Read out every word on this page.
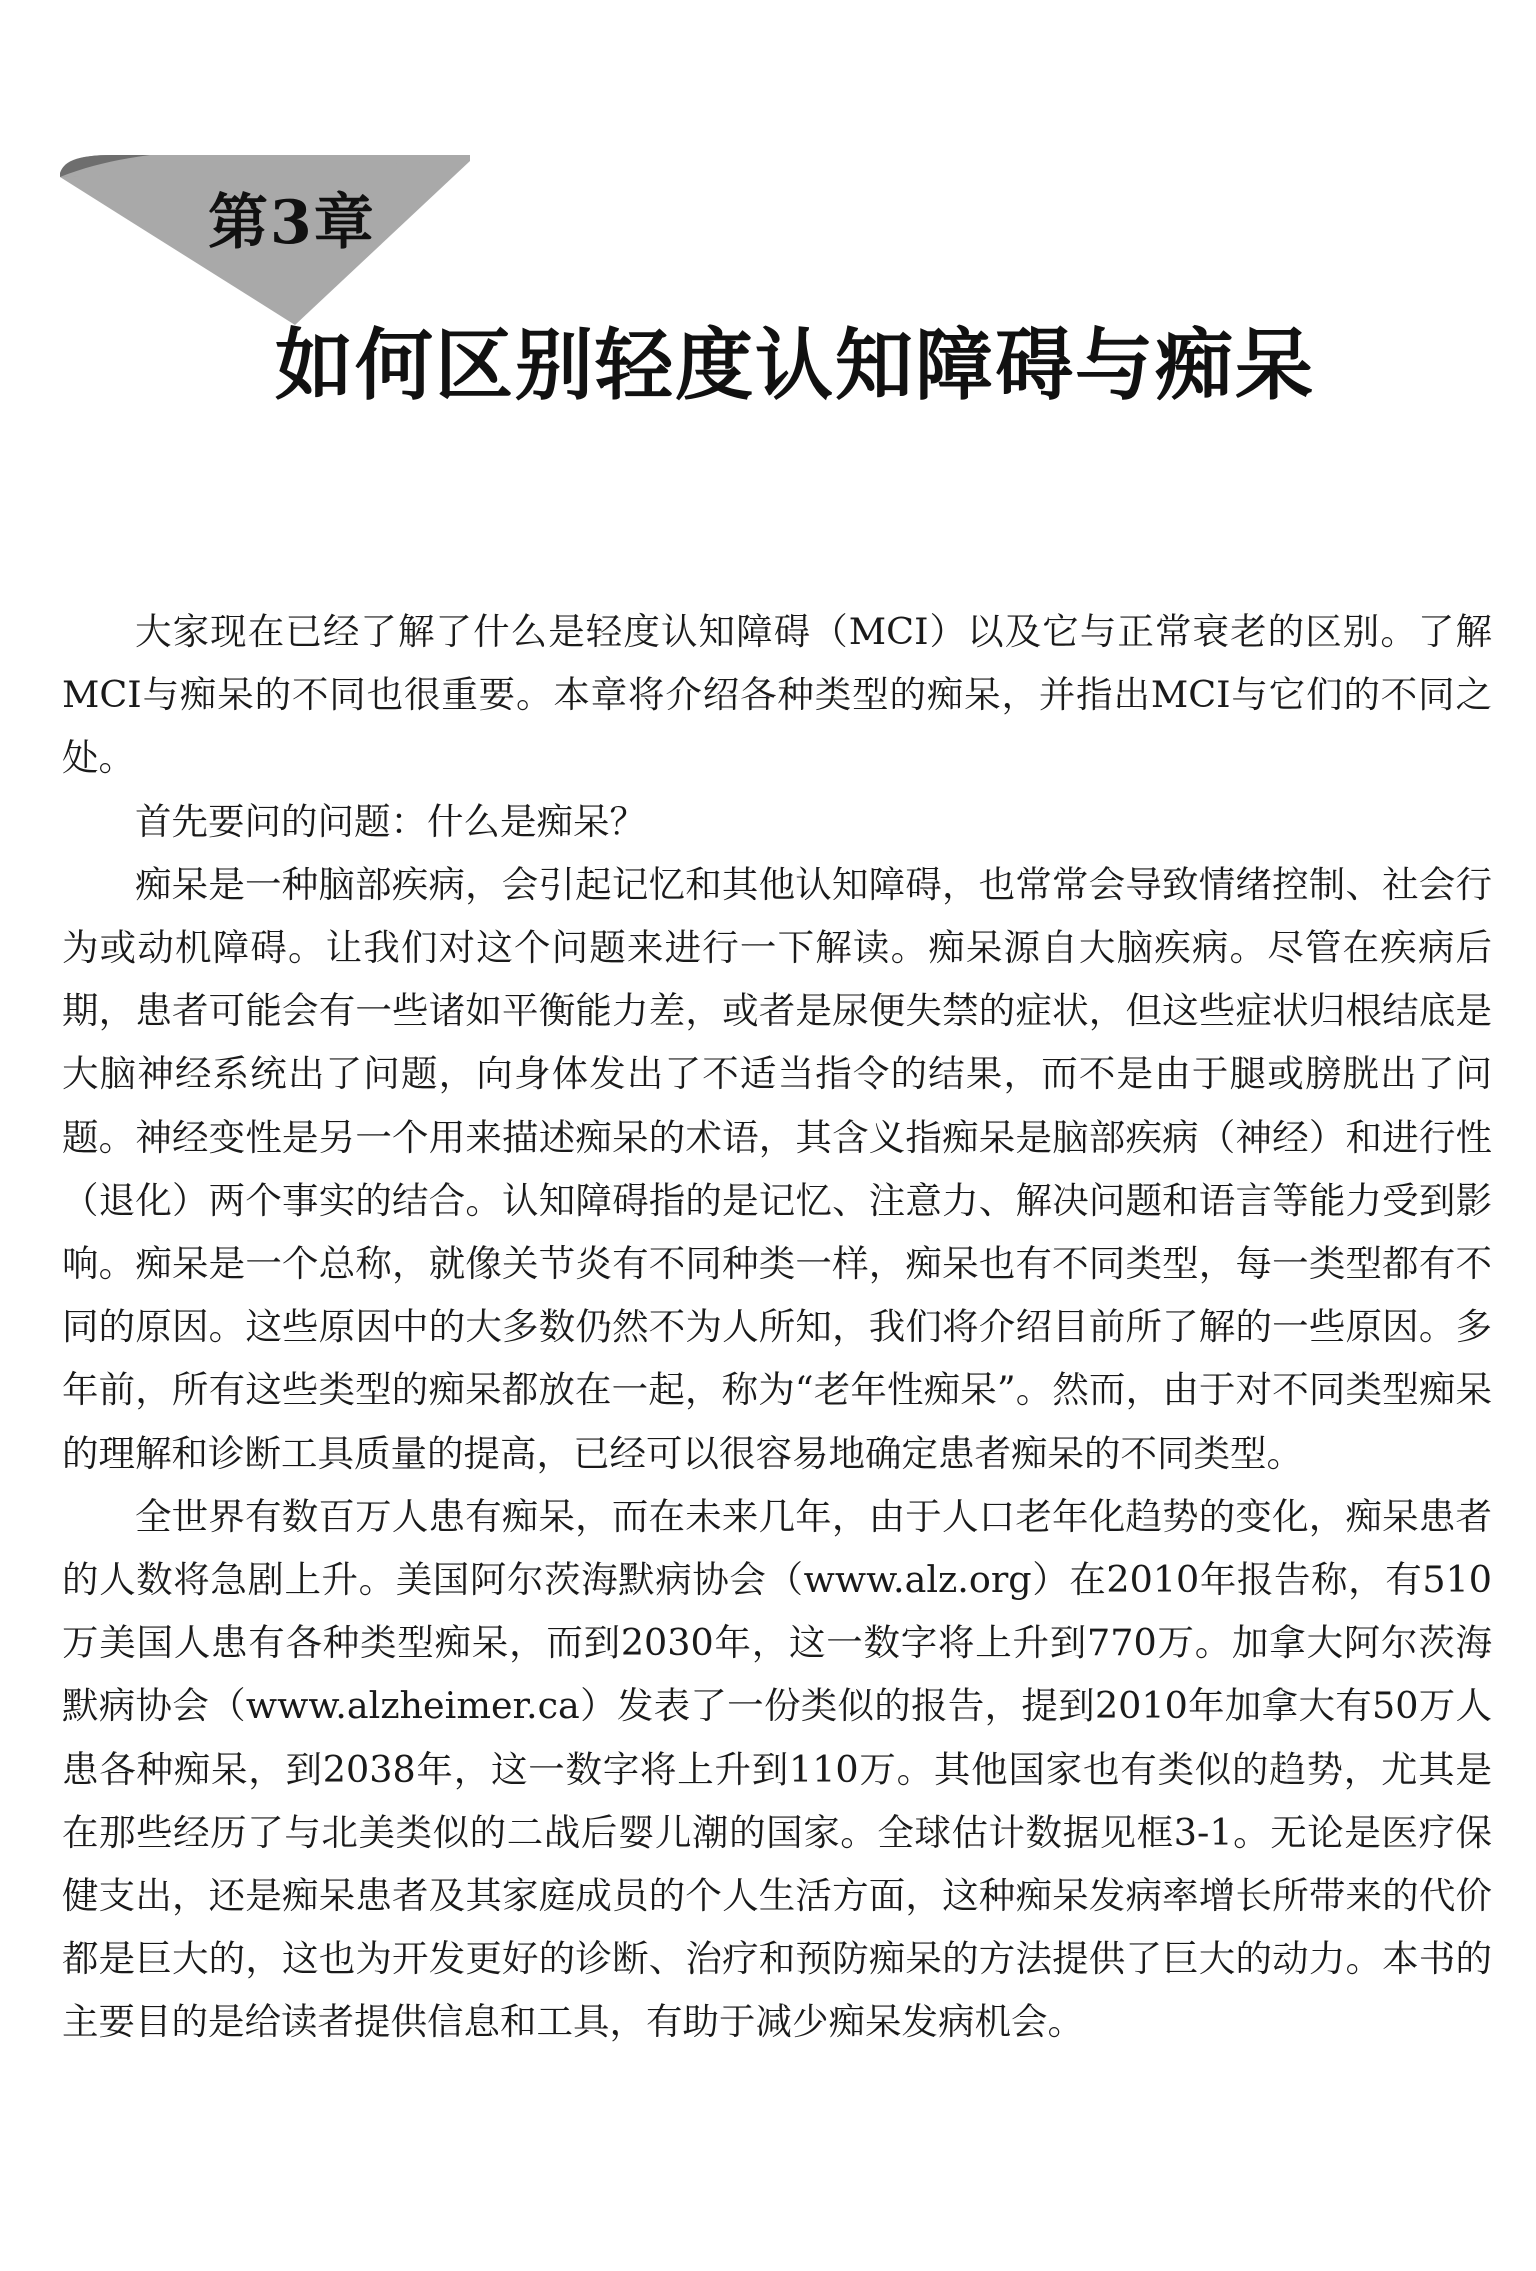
第3章
如何区别轻度认知障碍与痴呆

大家现在已经了解了什么是轻度认知障碍（MCI）以及它与正常衰老的区别。了解MCI与痴呆的不同也很重要。本章将介绍各种类型的痴呆，并指出MCI与它们的不同之处。

首先要问的问题：什么是痴呆？

痴呆是一种脑部疾病，会引起记忆和其他认知障碍，也常常会导致情绪控制、社会行为或动机障碍。让我们对这个问题来进行一下解读。痴呆源自大脑疾病。尽管在疾病后期，患者可能会有一些诸如平衡能力差，或者是尿便失禁的症状，但这些症状归根结底是大脑神经系统出了问题，向身体发出了不适当指令的结果，而不是由于腿或膀胱出了问题。神经变性是另一个用来描述痴呆的术语，其含义指痴呆是脑部疾病（神经）和进行性（退化）两个事实的结合。认知障碍指的是记忆、注意力、解决问题和语言等能力受到影响。痴呆是一个总称，就像关节炎有不同种类一样，痴呆也有不同类型，每一类型都有不同的原因。这些原因中的大多数仍然不为人所知，我们将介绍目前所了解的一些原因。多年前，所有这些类型的痴呆都放在一起，称为“老年性痴呆”。然而，由于对不同类型痴呆的理解和诊断工具质量的提高，已经可以很容易地确定患者痴呆的不同类型。

全世界有数百万人患有痴呆，而在未来几年，由于人口老年化趋势的变化，痴呆患者的人数将急剧上升。美国阿尔茨海默病协会（www.alz.org）在2010年报告称，有510万美国人患有各种类型痴呆，而到2030年，这一数字将上升到770万。加拿大阿尔茨海默病协会（www.alzheimer.ca）发表了一份类似的报告，提到2010年加拿大有50万人患各种痴呆，到2038年，这一数字将上升到110万。其他国家也有类似的趋势，尤其是在那些经历了与北美类似的二战后婴儿潮的国家。全球估计数据见框3-1。无论是医疗保健支出，还是痴呆患者及其家庭成员的个人生活方面，这种痴呆发病率增长所带来的代价都是巨大的，这也为开发更好的诊断、治疗和预防痴呆的方法提供了巨大的动力。本书的主要目的是给读者提供信息和工具，有助于减少痴呆发病机会。
